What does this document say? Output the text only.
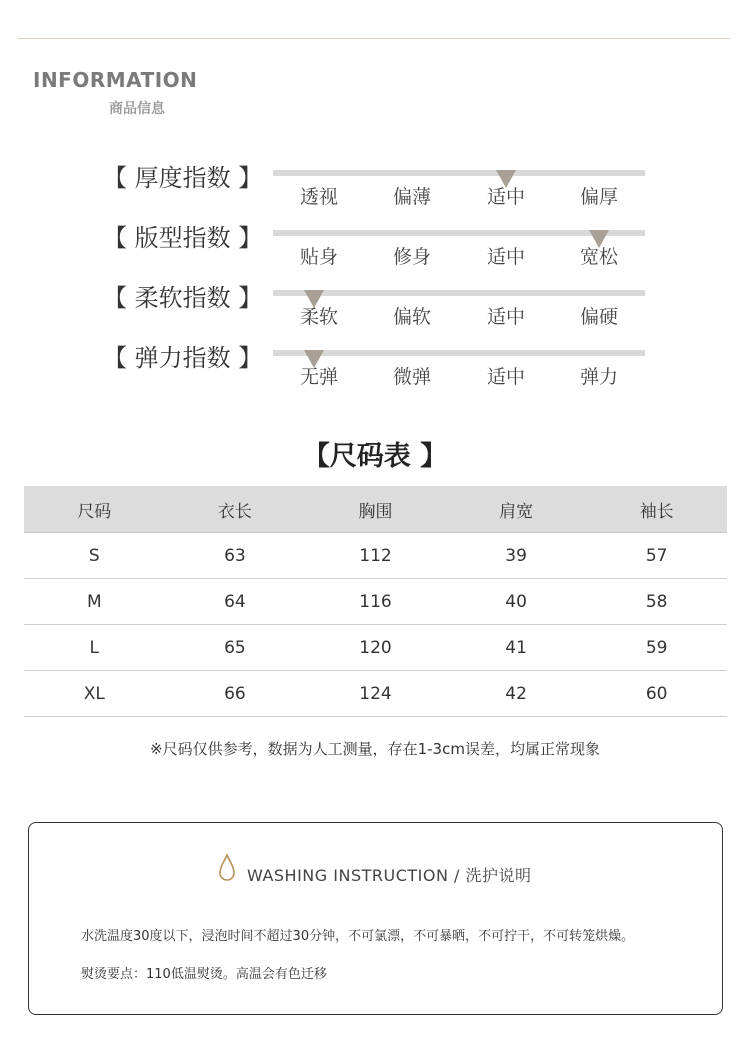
INFORMATION
商品信息
【 厚度指数 】
透视	偏薄	适中	偏厚
【 版型指数 】
贴身	修身	适中	宽松
【 柔软指数 】
柔软	偏软	适中	偏硬
【 弹力指数 】
无弹	微弹	适中	弹力
【尺码表 】
尺码	衣长	胸围	肩宽	袖长
S	63	112	39	57
M	64	116	40	58
L	65	120	41	59
XL	66	124	42	60
※尺码仅供参考，数据为人工测量，存在1-3cm误差，均属正常现象
WASHING INSTRUCTION / 洗护说明
水洗温度30度以下，浸泡时间不超过30分钟，不可氯漂，不可暴晒，不可拧干，不可转笼烘燥。
熨烫要点：110低温熨烫。高温会有色迁移
